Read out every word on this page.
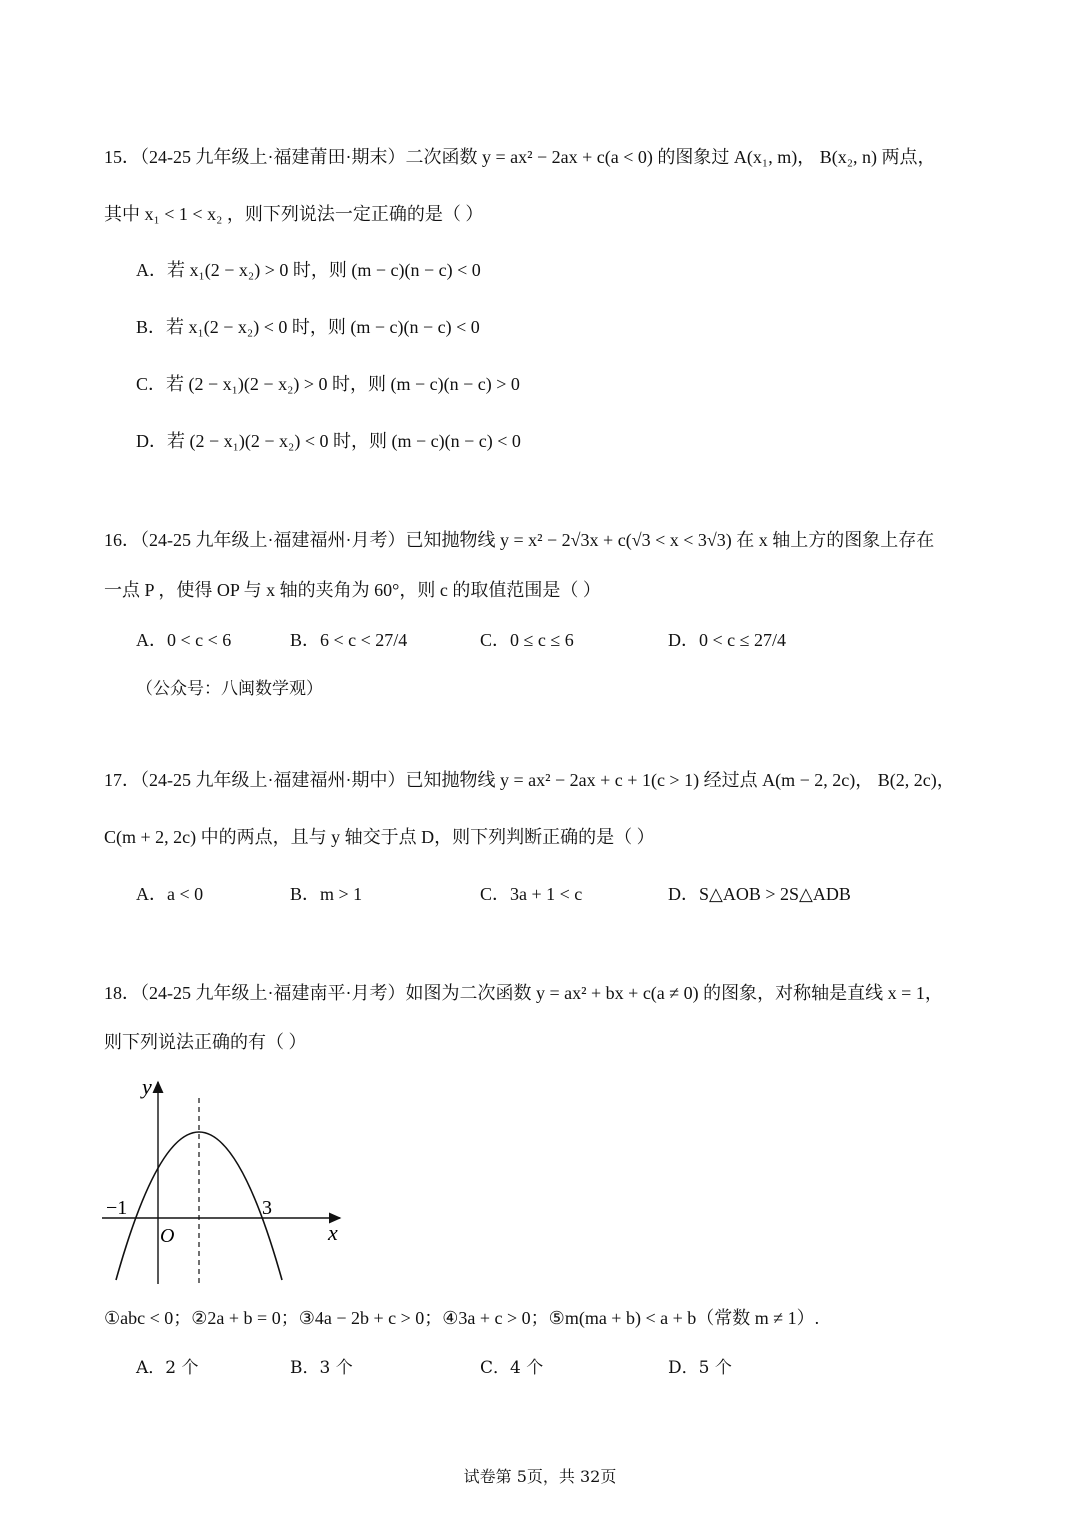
15．（24-25 九年级上·福建莆田·期末）二次函数 y = ax² − 2ax + c(a < 0) 的图象过 A(x₁, m)， B(x₂, n) 两点，
其中 x₁ < 1 < x₂ ，则下列说法一定正确的是（ ）
A．若 x₁(2 − x₂) > 0 时，则 (m − c)(n − c) < 0
B．若 x₁(2 − x₂) < 0 时，则 (m − c)(n − c) < 0
C．若 (2 − x₁)(2 − x₂) > 0 时，则 (m − c)(n − c) > 0
D．若 (2 − x₁)(2 − x₂) < 0 时，则 (m − c)(n − c) < 0
16．（24-25 九年级上·福建福州·月考）已知抛物线 y = x² − 2√3x + c(√3 < x < 3√3) 在 x 轴上方的图象上存在
一点 P ，使得 OP 与 x 轴的夹角为 60°，则 c 的取值范围是（ ）
A．0 < c < 6	B．6 < c < 27/4	C．0 ≤ c ≤ 6	D．0 < c ≤ 27/4
（公众号：八闽数学观）
17．（24-25 九年级上·福建福州·期中）已知抛物线 y = ax² − 2ax + c + 1(c > 1) 经过点 A(m − 2, 2c)， B(2, 2c)，
C(m + 2, 2c) 中的两点，且与 y 轴交于点 D，则下列判断正确的是（ ）
A．a < 0	B．m > 1	C．3a + 1 < c	D．S△AOB > 2S△ADB
18．（24-25 九年级上·福建南平·月考）如图为二次函数 y = ax² + bx + c(a ≠ 0) 的图象，对称轴是直线 x = 1，
则下列说法正确的有（ ）
y
x
O
−1	3
①abc < 0；②2a + b = 0；③4a − 2b + c > 0；④3a + c > 0；⑤m(ma + b) < a + b（常数 m ≠ 1）.
A．2 个	B．3 个	C．4 个	D．5 个
试卷第 5页，共 32页
